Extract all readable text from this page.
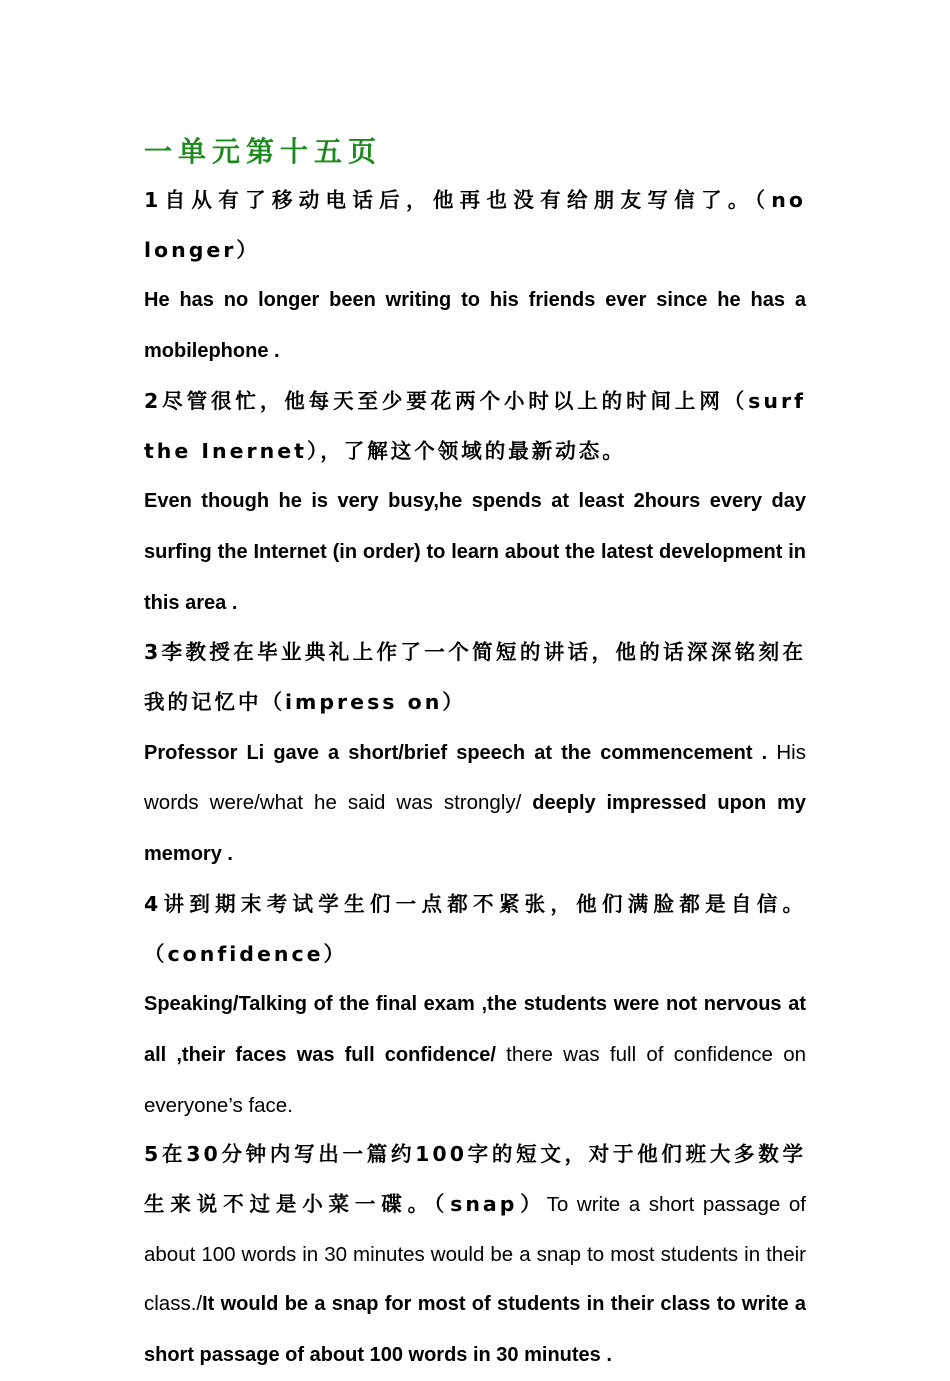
一单元第十五页

1自从有了移动电话后，他再也没有给朋友写信了。（no longer）

He has no longer been writing to his friends ever since he has a mobilephone .

2尽管很忙，他每天至少要花两个小时以上的时间上网（surf the Inernet），了解这个领域的最新动态。

Even though he is very busy,he spends at least 2hours every day surfing the Internet (in order) to learn about the latest development in this area .

3李教授在毕业典礼上作了一个简短的讲话，他的话深深铭刻在我的记忆中（impress on）

Professor Li gave a short/brief speech at the commencement . His words were/what he said was strongly/ deeply impressed upon my memory .

4讲到期末考试学生们一点都不紧张，他们满脸都是自信。（confidence）

Speaking/Talking of the final exam ,the students were not nervous at all ,their faces was full confidence/ there was full of confidence on everyone’s face.

5在30分钟内写出一篇约100字的短文，对于他们班大多数学生来说不过是小菜一碟。（snap）To write a short passage of about 100 words in 30 minutes would be a snap to most students in their class./It would be a snap for most of students in their class to write a short passage of about 100 words in 30 minutes .
